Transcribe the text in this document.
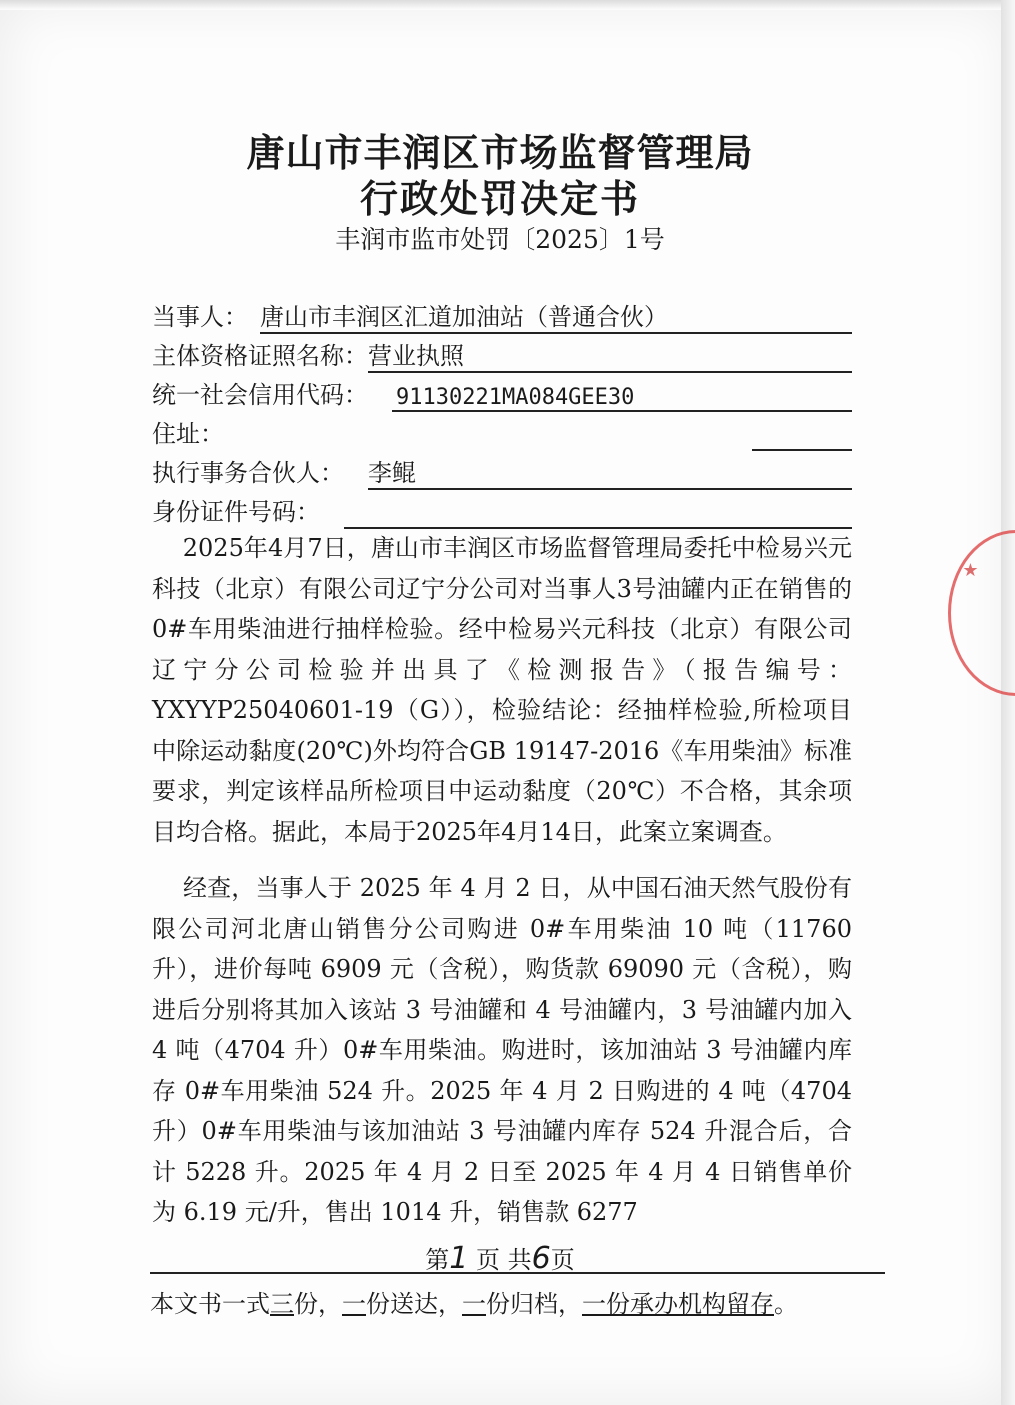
唐山市丰润区市场监督管理局
行政处罚决定书
丰润市监市处罚〔2025〕1号
当事人： 唐山市丰润区汇道加油站（普通合伙）
主体资格证照名称： 营业执照
统一社会信用代码： 91130221MA084GEE30
住址：
执行事务合伙人： 李鲲
身份证件号码：

2025年4月7日，唐山市丰润区市场监督管理局委托中检易兴元科技（北京）有限公司辽宁分公司对当事人3号油罐内正在销售的0#车用柴油进行抽样检验。经中检易兴元科技（北京）有限公司辽宁分公司检验并出具了《检测报告》（报告编号：YXYYP25040601-19（G）），检验结论：经抽样检验,所检项目中除运动黏度(20℃)外均符合GB 19147-2016《车用柴油》标准要求，判定该样品所检项目中运动黏度（20℃）不合格，其余项目均合格。据此，本局于2025年4月14日，此案立案调查。

经查，当事人于 2025 年 4 月 2 日，从中国石油天然气股份有限公司河北唐山销售分公司购进 0#车用柴油 10 吨（11760 升），进价每吨 6909 元（含税），购货款 69090 元（含税），购进后分别将其加入该站 3 号油罐和 4 号油罐内，3 号油罐内加入 4 吨（4704 升）0#车用柴油。购进时，该加油站 3 号油罐内库存 0#车用柴油 524 升。2025 年 4 月 2 日购进的 4 吨（4704 升）0#车用柴油与该加油站 3 号油罐内库存 524 升混合后，合计 5228 升。2025 年 4 月 2 日至 2025 年 4 月 4 日销售单价为 6.19 元/升，售出 1014 升，销售款 6277

第1 页 共6页
本文书一式三份，一份送达，一份归档，一份承办机构留存。
★
